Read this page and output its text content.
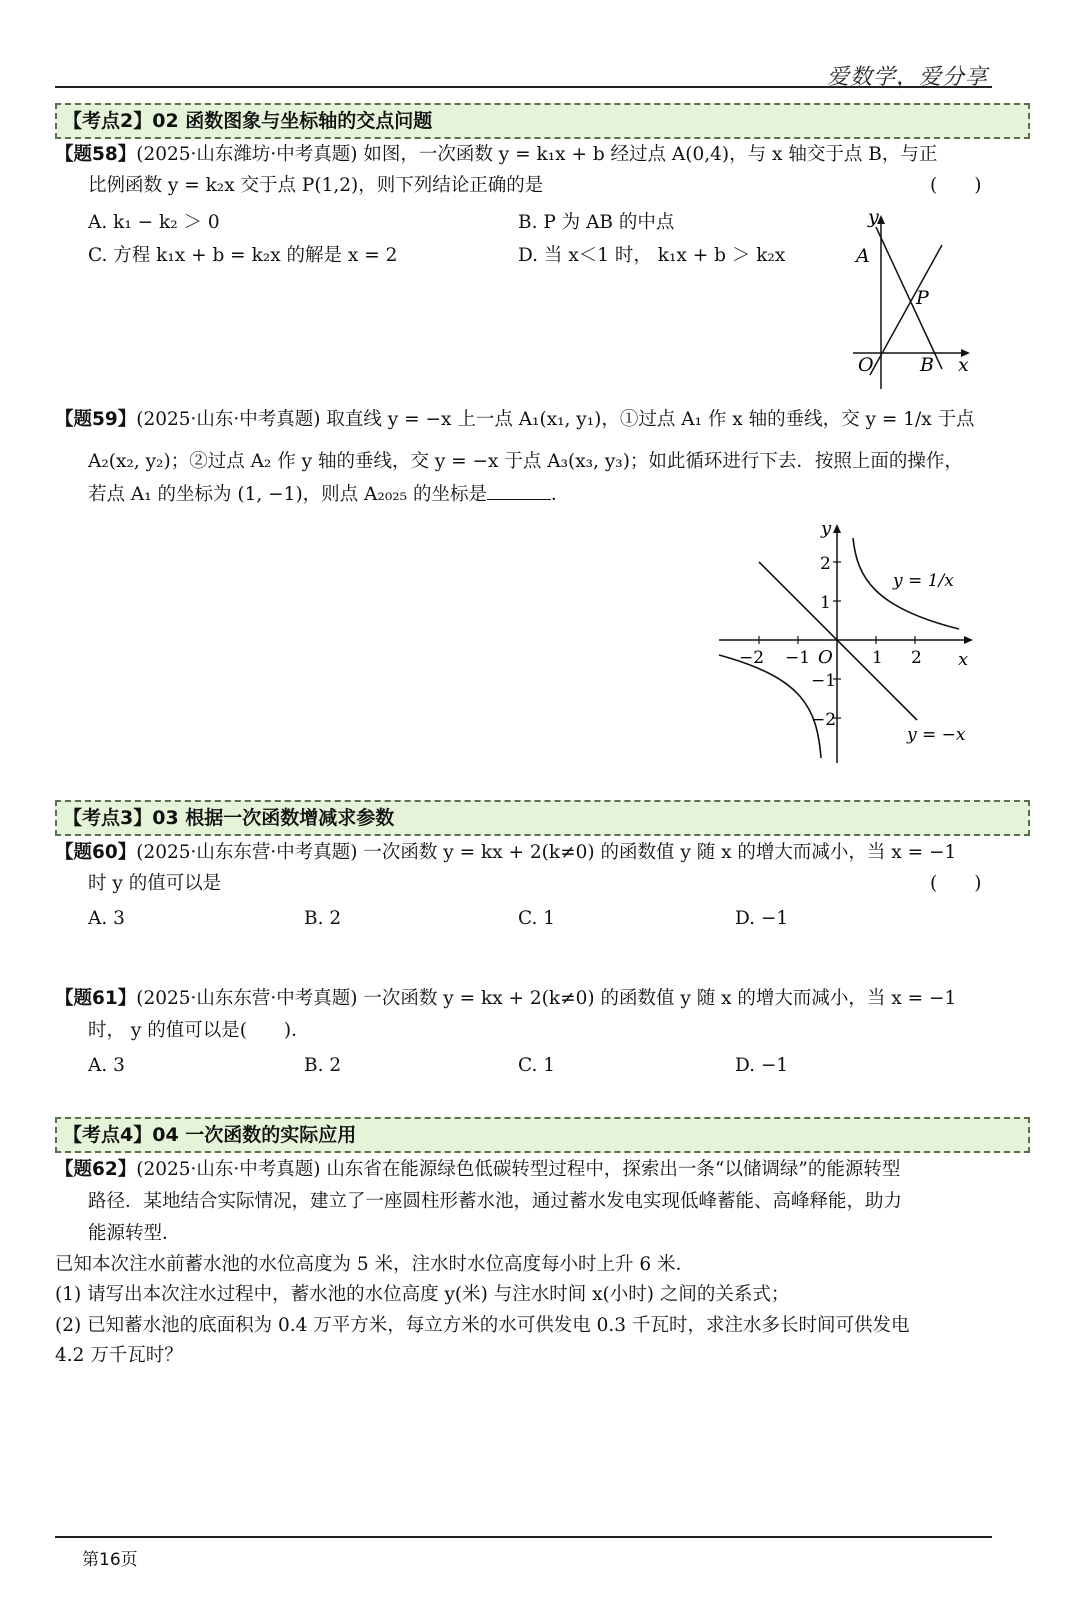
爱数学，爱分享
【考点2】02 函数图象与坐标轴的交点问题
【题58】(2025·山东潍坊·中考真题) 如图，一次函数 y = k₁x + b 经过点 A(0,4)，与 x 轴交于点 B，与正
比例函数 y = k₂x 交于点 P(1,2)，则下列结论正确的是	(　　)
A. k₁ − k₂ ＞ 0	B. P 为 AB 的中点
C. 方程 k₁x + b = k₂x 的解是 x = 2	D. 当 x＜1 时， k₁x + b ＞ k₂x
y
A
P
O B x
【题59】(2025·山东·中考真题) 取直线 y = −x 上一点 A₁(x₁, y₁)，①过点 A₁ 作 x 轴的垂线，交 y = 1/x 于点
A₂(x₂, y₂)；②过点 A₂ 作 y 轴的垂线，交 y = −x 于点 A₃(x₃, y₃)；如此循环进行下去．按照上面的操作，
若点 A₁ 的坐标为 (1, −1)，则点 A₂₀₂₅ 的坐标是	．
y
x
O
−2 −1	1 2
2
1
−1
−2
y = 1/x
y = −x
【考点3】03 根据一次函数增减求参数
【题60】(2025·山东东营·中考真题) 一次函数 y = kx + 2(k≠0) 的函数值 y 随 x 的增大而减小，当 x = −1
时 y 的值可以是	(　　)
A. 3	B. 2	C. 1	D. −1
【题61】(2025·山东东营·中考真题) 一次函数 y = kx + 2(k≠0) 的函数值 y 随 x 的增大而减小，当 x = −1
时， y 的值可以是(　　)．
A. 3	B. 2	C. 1	D. −1
【考点4】04 一次函数的实际应用
【题62】(2025·山东·中考真题) 山东省在能源绿色低碳转型过程中，探索出一条“以储调绿”的能源转型
路径．某地结合实际情况，建立了一座圆柱形蓄水池，通过蓄水发电实现低峰蓄能、高峰释能，助力
能源转型．
已知本次注水前蓄水池的水位高度为 5 米，注水时水位高度每小时上升 6 米．
(1) 请写出本次注水过程中，蓄水池的水位高度 y(米) 与注水时间 x(小时) 之间的关系式；
(2) 已知蓄水池的底面积为 0.4 万平方米，每立方米的水可供发电 0.3 千瓦时，求注水多长时间可供发电
4.2 万千瓦时？
第16页
